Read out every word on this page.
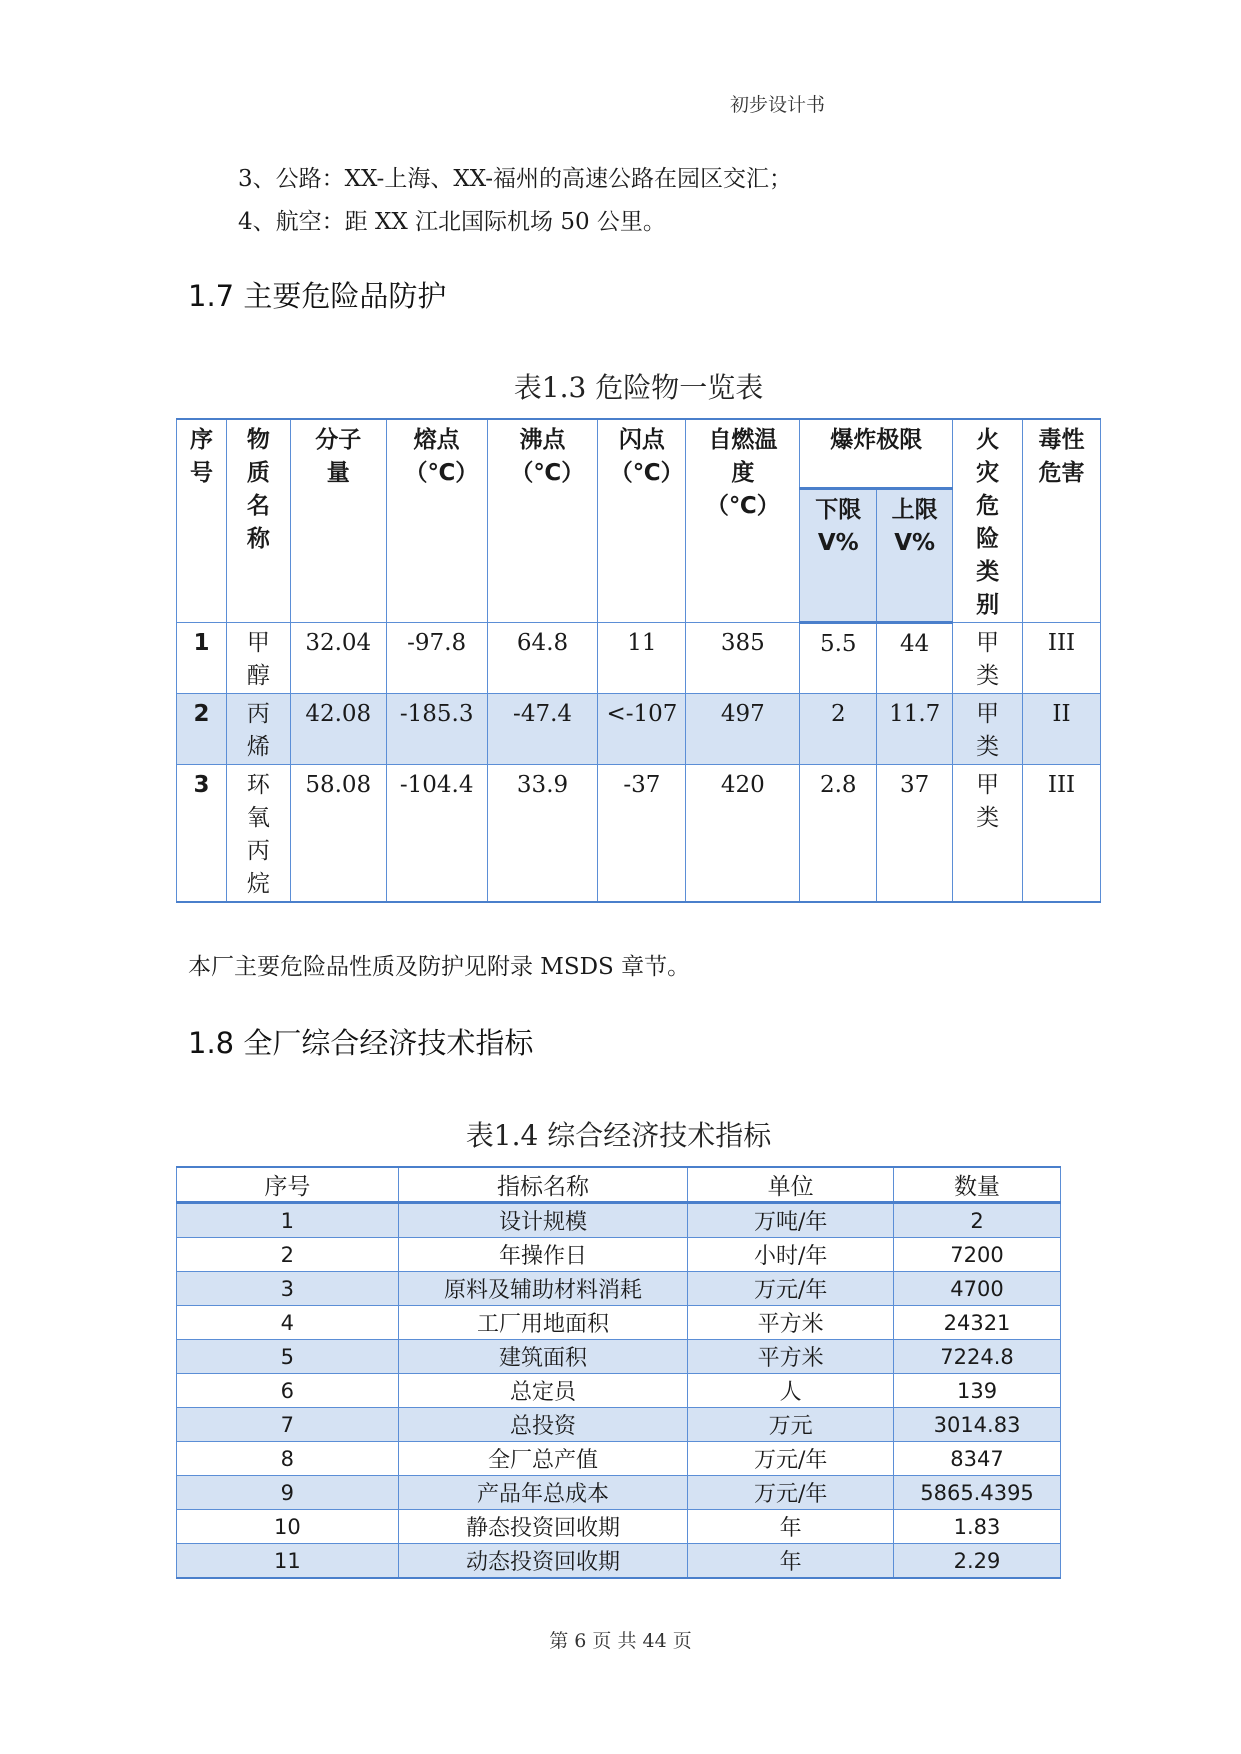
初步设计书
3、公路：XX-上海、XX-福州的高速公路在园区交汇；
4、航空：距 XX 江北国际机场 50 公里。
1.7 主要危险品防护
表1.3 危险物一览表
序号	物质名称	分子量	熔点（℃）	沸点（℃）	闪点（℃）	自燃温度（℃）	爆炸极限		火灾危险类别	毒性危害

							下限V%	上限V%		

1	甲醇	32.04	-97.8	64.8	11	385	5.5	44	甲类	III
2	丙烯	42.08	-185.3	-47.4	<-107	497	2	11.7	甲类	II
3	环氧丙烷	58.08	-104.4	33.9	-37	420	2.8	37	甲类	III
本厂主要危险品性质及防护见附录 MSDS 章节。
1.8 全厂综合经济技术指标
表1.4 综合经济技术指标
序号	指标名称	单位	数量
1	设计规模	万吨/年	2
2	年操作日	小时/年	7200
3	原料及辅助材料消耗	万元/年	4700
4	工厂用地面积	平方米	24321
5	建筑面积	平方米	7224.8
6	总定员	人	139
7	总投资	万元	3014.83
8	全厂总产值	万元/年	8347
9	产品年总成本	万元/年	5865.4395
10	静态投资回收期	年	1.83
11	动态投资回收期	年	2.29
第 6 页 共 44 页
